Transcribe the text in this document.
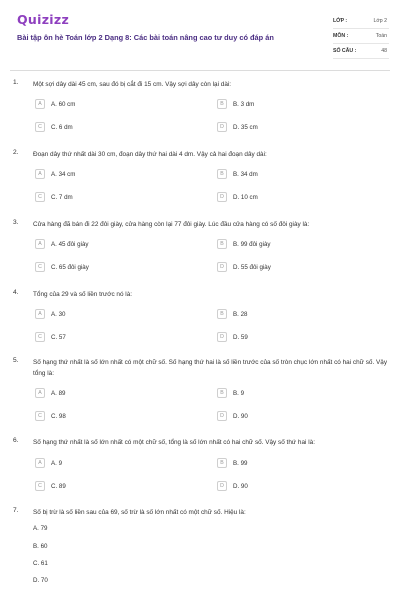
Quizizz
Bài tập ôn hè Toán lớp 2 Dạng 8: Các bài toán nâng cao tư duy có đáp án
LỚP :	Lớp 2
MÔN :	Toán
SỐ CÂU :	48
1. Một sợi dây dài 45 cm, sau đó bị cắt đi 15 cm. Vậy sợi dây còn lại dài:
A	A. 60 cm	B	B. 3 dm
C	C. 6 dm	D	D. 35 cm
2. Đoạn dây thứ nhất dài 30 cm, đoạn dây thứ hai dài 4 dm. Vậy cả hai đoạn dây dài:
A	A. 34 cm	B	B. 34 dm
C	C. 7 dm	D	D. 10 cm
3. Cửa hàng đã bán đi 22 đôi giày, cửa hàng còn lại 77 đôi giày. Lúc đầu cửa hàng có số đôi giày là:
A	A. 45 đôi giày	B	B. 99 đôi giày
C	C. 65 đôi giày	D	D. 55 đôi giày
4. Tổng của 29 và số liền trước nó là:
A	A. 30	B	B. 28
C	C. 57	D	D. 59
5. Số hạng thứ nhất là số lớn nhất có một chữ số. Số hạng thứ hai là số liền trước của số tròn chục lớn nhất có hai chữ số. Vậy tổng là:
A	A. 89	B	B. 9
C	C. 98	D	D. 90
6. Số hạng thứ nhất là số lớn nhất có một chữ số, tổng là số lớn nhất có hai chữ số. Vậy số thứ hai là:
A	A. 9	B	B. 99
C	C. 89	D	D. 90
7. Số bị trừ là số liền sau của 69, số trừ là số lớn nhất có một chữ số. Hiệu là:
A. 79
B. 60
C. 61
D. 70
